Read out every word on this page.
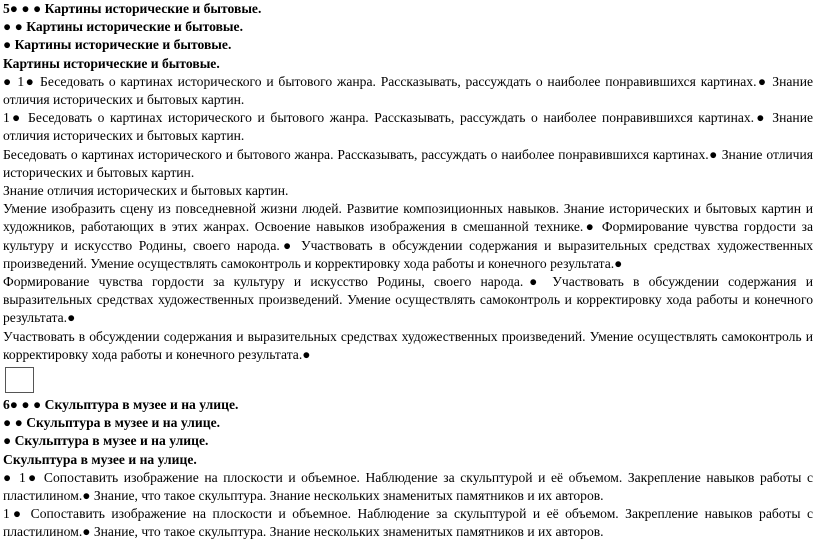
5● ● ● Картины исторические и бытовые.
● ● Картины исторические и бытовые.
● Картины исторические и бытовые.
Картины исторические и бытовые.
● 1● Беседовать о картинах исторического и бытового жанра. Рассказывать, рассуждать о наиболее понравившихся картинах.● Знание отличия исторических и бытовых картин.
1● Беседовать о картинах исторического и бытового жанра. Рассказывать, рассуждать о наиболее понравившихся картинах.● Знание отличия исторических и бытовых картин.
Беседовать о картинах исторического и бытового жанра. Рассказывать, рассуждать о наиболее понравившихся картинах.● Знание отличия исторических и бытовых картин.
Знание отличия исторических и бытовых картин.
Умение изобразить сцену из повседневной жизни людей. Развитие композиционных навыков. Знание исторических и бытовых картин и художников, работающих в этих жанрах. Освоение навыков изображения в смешанной технике.● Формирование чувства гордости за культуру и искусство Родины, своего народа.● Участвовать в обсуждении содержания и выразительных средствах художественных произведений. Умение осуществлять самоконтроль и корректировку хода работы и конечного результата.●
Формирование чувства гордости за культуру и искусство Родины, своего народа.● Участвовать в обсуждении содержания и выразительных средствах художественных произведений. Умение осуществлять самоконтроль и корректировку хода работы и конечного результата.●
Участвовать в обсуждении содержания и выразительных средствах художественных произведений. Умение осуществлять самоконтроль и корректировку хода работы и конечного результата.●
6● ● ● Скульптура в музее и на улице.
● ● Скульптура в музее и на улице.
● Скульптура в музее и на улице.
Скульптура в музее и на улице.
● 1● Сопоставить изображение на плоскости и объемное. Наблюдение за скульптурой и её объемом. Закрепление навыков работы с пластилином.● Знание, что такое скульптура. Знание нескольких знаменитых памятников и их авторов.
1● Сопоставить изображение на плоскости и объемное. Наблюдение за скульптурой и её объемом. Закрепление навыков работы с пластилином.● Знание, что такое скульптура. Знание нескольких знаменитых памятников и их авторов.
